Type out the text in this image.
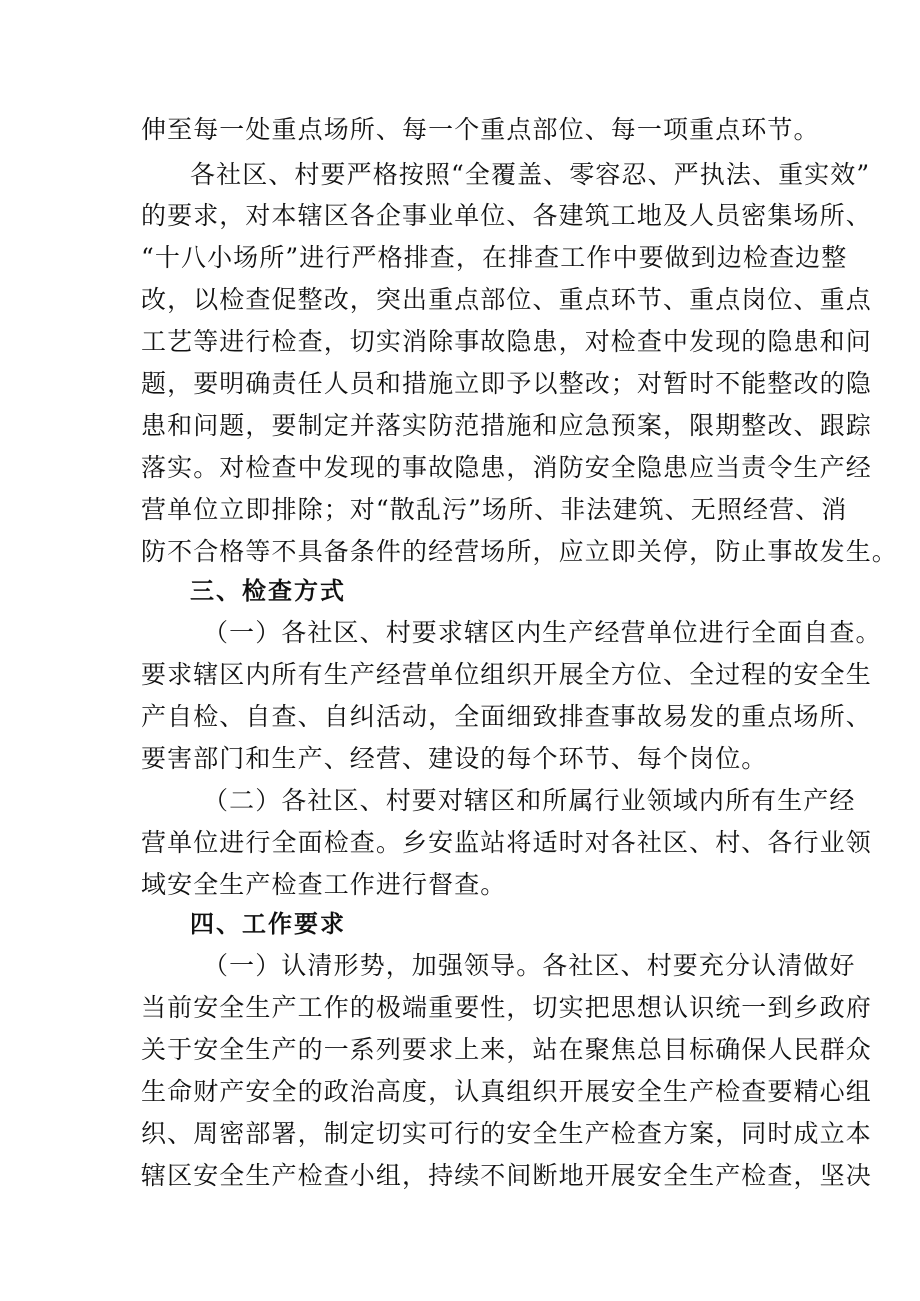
伸至每一处重点场所、每一个重点部位、每一项重点环节。
各社区、村要严格按照“全覆盖、零容忍、严执法、重实效”
的要求，对本辖区各企事业单位、各建筑工地及人员密集场所、
“十八小场所”进行严格排查，在排查工作中要做到边检查边整
改，以检查促整改，突出重点部位、重点环节、重点岗位、重点
工艺等进行检查，切实消除事故隐患，对检查中发现的隐患和问
题，要明确责任人员和措施立即予以整改；对暂时不能整改的隐
患和问题，要制定并落实防范措施和应急预案，限期整改、跟踪
落实。对检查中发现的事故隐患，消防安全隐患应当责令生产经
营单位立即排除；对“散乱污”场所、非法建筑、无照经营、消
防不合格等不具备条件的经营场所，应立即关停，防止事故发生。
三、检查方式
（一）各社区、村要求辖区内生产经营单位进行全面自查。
要求辖区内所有生产经营单位组织开展全方位、全过程的安全生
产自检、自查、自纠活动，全面细致排查事故易发的重点场所、
要害部门和生产、经营、建设的每个环节、每个岗位。
（二）各社区、村要对辖区和所属行业领域内所有生产经
营单位进行全面检查。乡安监站将适时对各社区、村、各行业领
域安全生产检查工作进行督查。
四、工作要求
（一）认清形势，加强领导。各社区、村要充分认清做好
当前安全生产工作的极端重要性，切实把思想认识统一到乡政府
关于安全生产的一系列要求上来，站在聚焦总目标确保人民群众
生命财产安全的政治高度，认真组织开展安全生产检查要精心组
织、周密部署，制定切实可行的安全生产检查方案，同时成立本
辖区安全生产检查小组，持续不间断地开展安全生产检查，坚决
